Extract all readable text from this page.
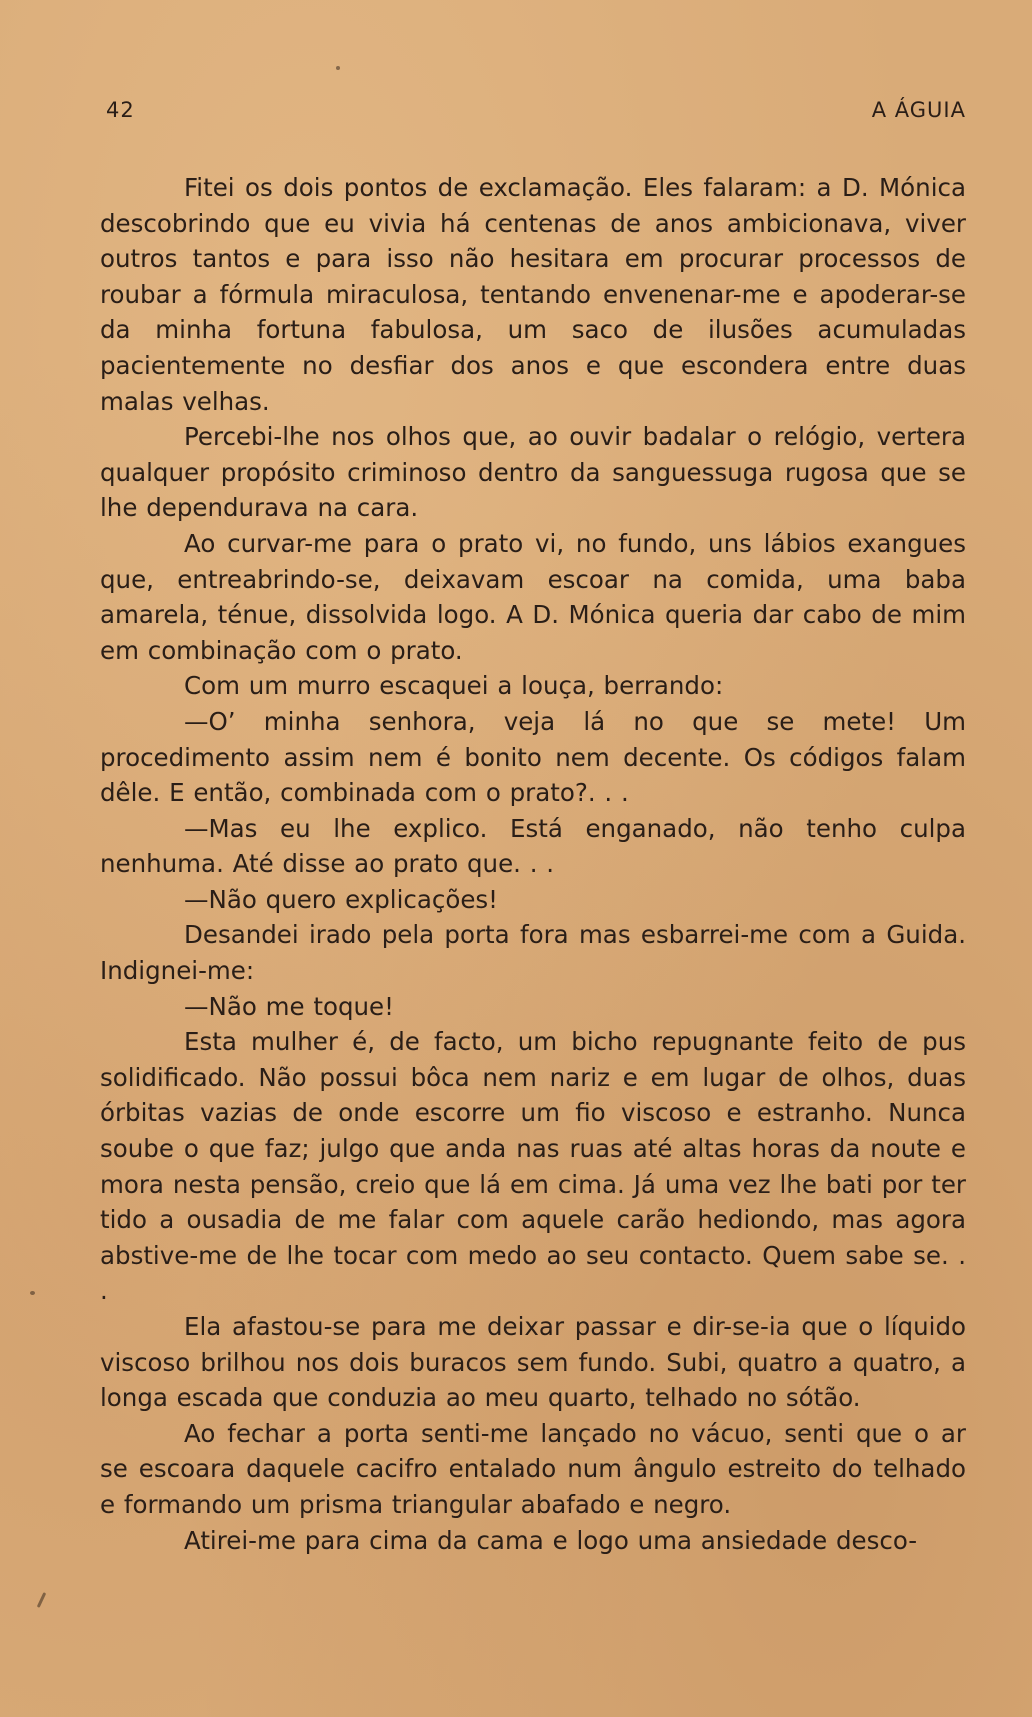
42	A ÁGUIA

Fitei os dois pontos de exclamação. Eles falaram: a D. Mónica descobrindo que eu vivia há centenas de anos ambicionava, viver outros tantos e para isso não hesitara em procurar processos de roubar a fórmula miraculosa, tentando envenenar-me e apoderar-se da minha fortuna fabulosa, um saco de ilusões acumuladas pacientemente no desfiar dos anos e que escondera entre duas malas velhas.

Percebi-lhe nos olhos que, ao ouvir badalar o relógio, vertera qualquer propósito criminoso dentro da sanguessuga rugosa que se lhe dependurava na cara.

Ao curvar-me para o prato vi, no fundo, uns lábios exangues que, entreabrindo-se, deixavam escoar na comida, uma baba amarela, ténue, dissolvida logo. A D. Mónica queria dar cabo de mim em combinação com o prato.

Com um murro escaquei a louça, berrando:

—O’ minha senhora, veja lá no que se mete! Um procedimento assim nem é bonito nem decente. Os códigos falam dêle. E então, combinada com o prato?. . .

—Mas eu lhe explico. Está enganado, não tenho culpa nenhuma. Até disse ao prato que. . .

—Não quero explicações!

Desandei irado pela porta fora mas esbarrei-me com a Guida. Indignei-me:

—Não me toque!

Esta mulher é, de facto, um bicho repugnante feito de pus solidificado. Não possui bôca nem nariz e em lugar de olhos, duas órbitas vazias de onde escorre um fio viscoso e estranho. Nunca soube o que faz; julgo que anda nas ruas até altas horas da noute e mora nesta pensão, creio que lá em cima. Já uma vez lhe bati por ter tido a ousadia de me falar com aquele carão hediondo, mas agora abstive-me de lhe tocar com medo ao seu contacto. Quem sabe se. . .

Ela afastou-se para me deixar passar e dir-se-ia que o líquido viscoso brilhou nos dois buracos sem fundo. Subi, quatro a quatro, a longa escada que conduzia ao meu quarto, telhado no sótão.

Ao fechar a porta senti-me lançado no vácuo, senti que o ar se escoara daquele cacifro entalado num ângulo estreito do telhado e formando um prisma triangular abafado e negro.

Atirei-me para cima da cama e logo uma ansiedade desco-
